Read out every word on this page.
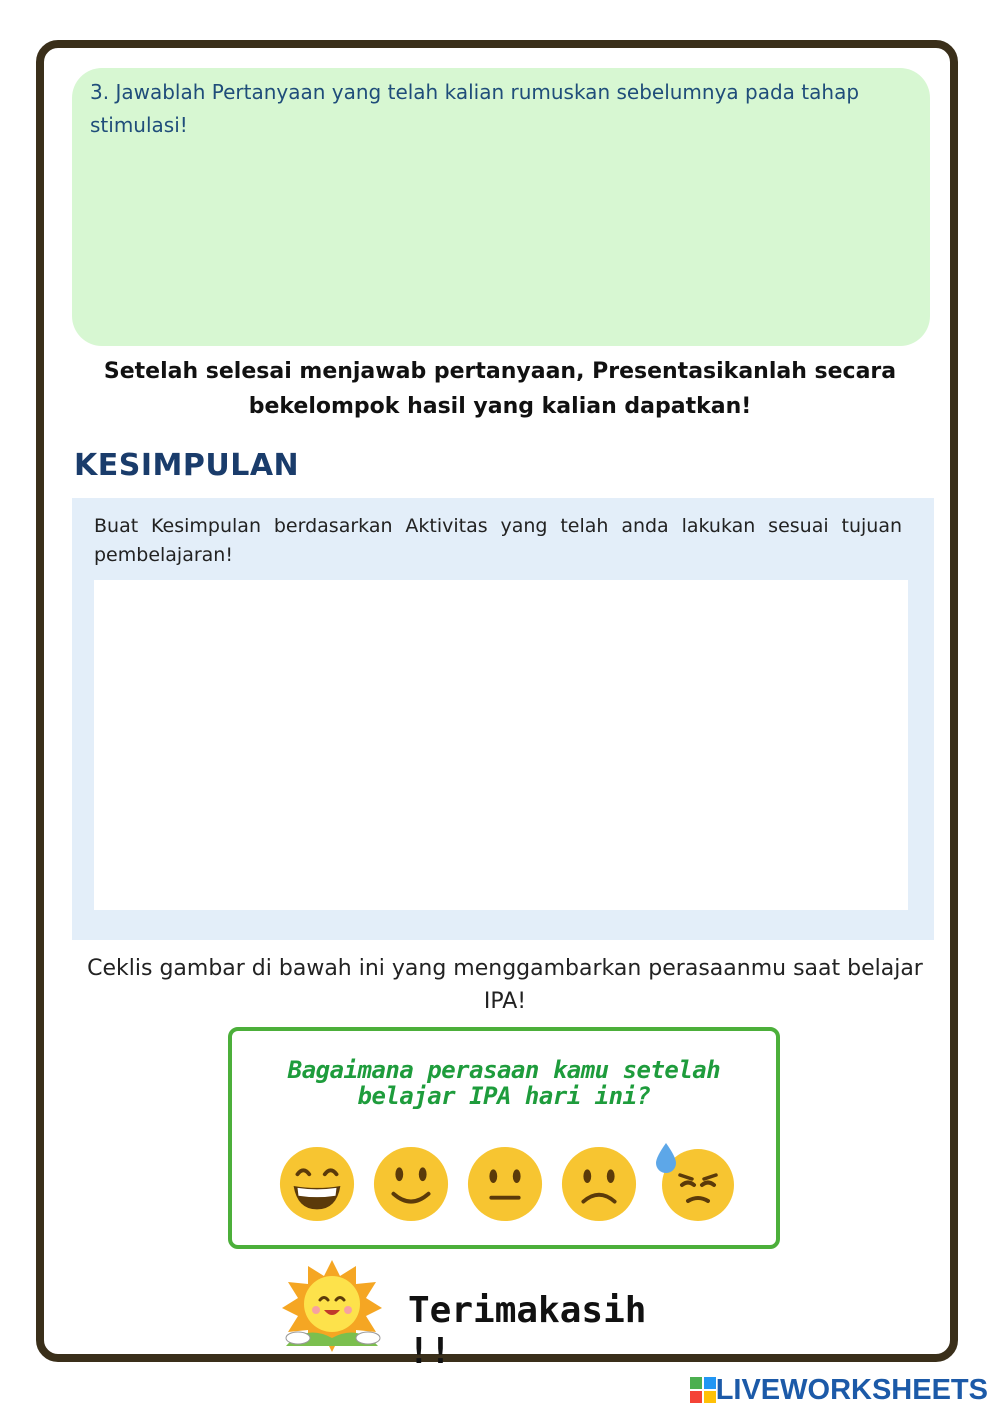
3. Jawablah Pertanyaan yang telah kalian rumuskan sebelumnya pada tahap stimulasi!

Setelah selesai menjawab pertanyaan, Presentasikanlah secara bekelompok hasil yang kalian dapatkan!
KESIMPULAN
Buat Kesimpulan berdasarkan Aktivitas yang telah anda lakukan sesuai tujuan pembelajaran!
Ceklis gambar di bawah ini yang menggambarkan perasaanmu saat belajar IPA!
Bagaimana perasaan kamu setelah belajar IPA hari ini?
Terimakasih !!
LIVEWORKSHEETS
